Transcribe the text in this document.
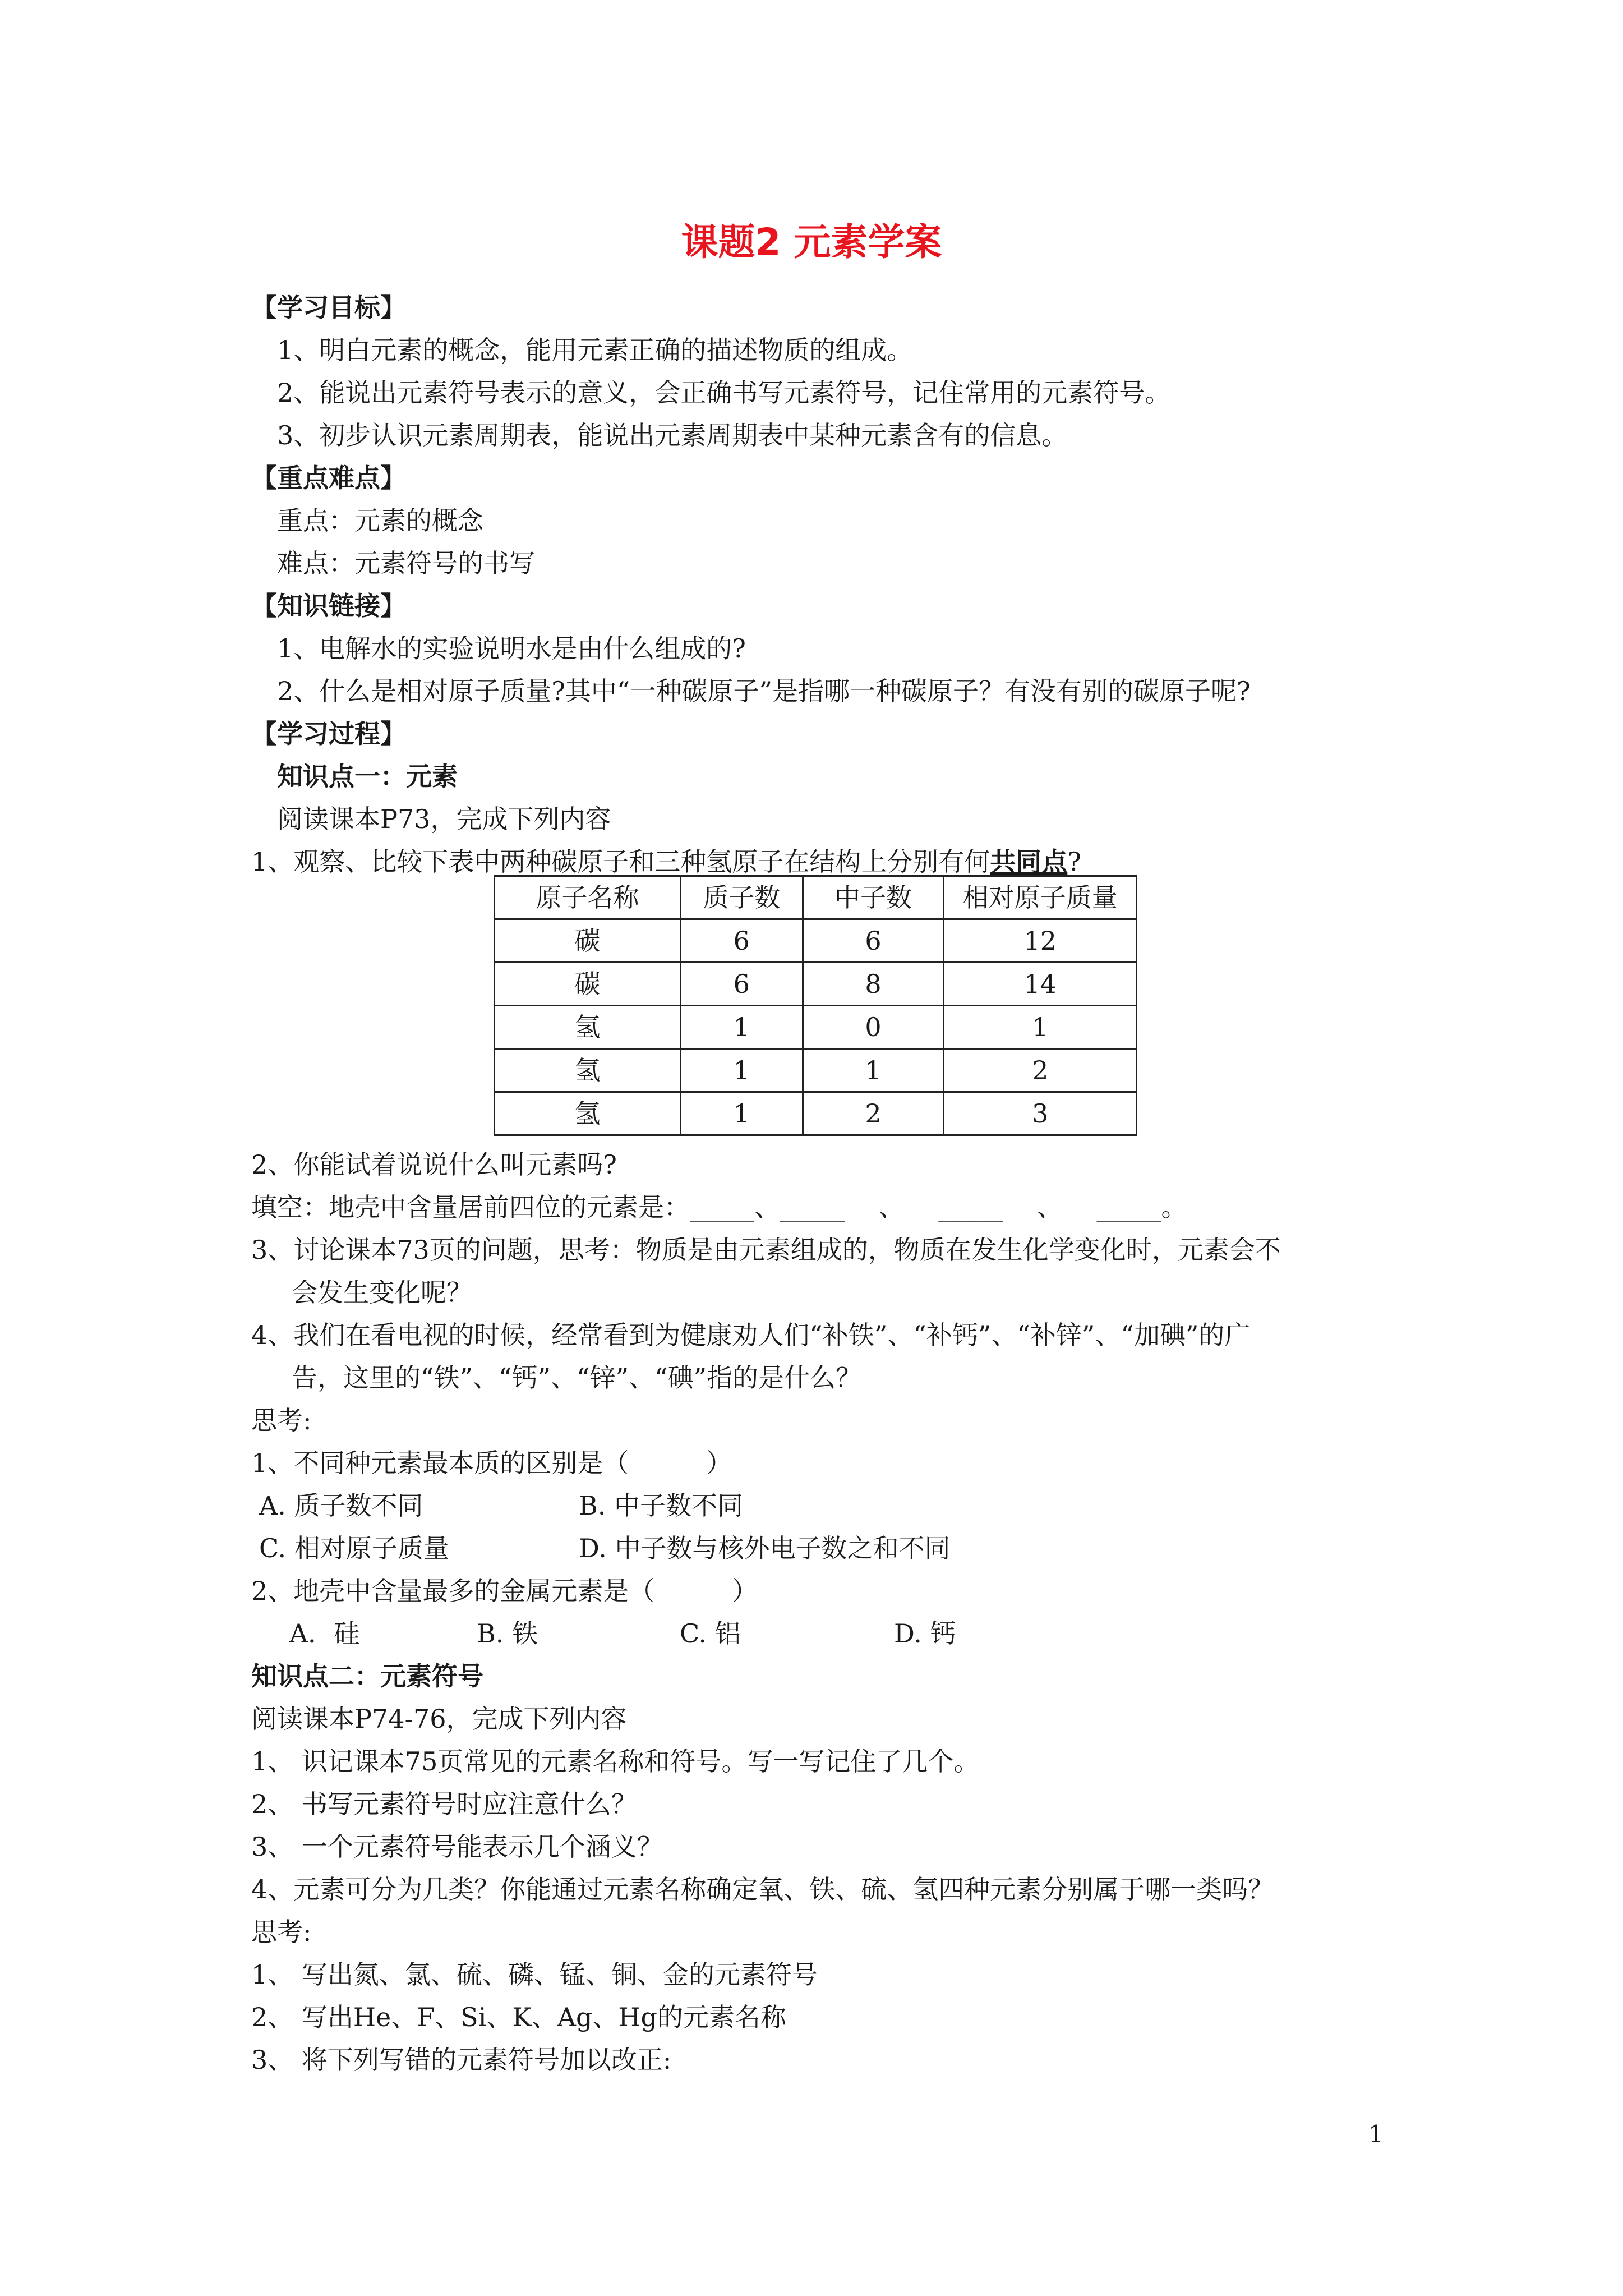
课题2 元素学案
【学习目标】
1、明白元素的概念，能用元素正确的描述物质的组成。
2、能说出元素符号表示的意义，会正确书写元素符号，记住常用的元素符号。
3、初步认识元素周期表，能说出元素周期表中某种元素含有的信息。
【重点难点】
重点：元素的概念
难点：元素符号的书写
【知识链接】
1、电解水的实验说明水是由什么组成的?
2、什么是相对原子质量?其中“一种碳原子”是指哪一种碳原子？有没有别的碳原子呢?
【学习过程】
知识点一：元素
阅读课本P73，完成下列内容
1、观察、比较下表中两种碳原子和三种氢原子在结构上分别有何共同点?
原子名称	质子数	中子数	相对原子质量
碳	6	6	12
碳	6	8	14
氢	1	0	1
氢	1	1	2
氢	1	2	3
2、你能试着说说什么叫元素吗?
填空：地壳中含量居前四位的元素是：_____、_____　 、 　_____　 、 　_____。
3、讨论课本73页的问题，思考：物质是由元素组成的，物质在发生化学变化时，元素会不
会发生变化呢？
4、我们在看电视的时候，经常看到为健康劝人们“补铁”、“补钙”、“补锌”、“加碘”的广
告，这里的“铁”、“钙”、“锌”、“碘”指的是什么？
思考:
1、不同种元素最本质的区别是（　　　）
A. 质子数不同	B. 中子数不同
C. 相对原子质量	D. 中子数与核外电子数之和不同
2、地壳中含量最多的金属元素是（　　　）
A．硅	B. 铁	C. 铝	D. 钙
知识点二：元素符号
阅读课本P74-76，完成下列内容
1、 识记课本75页常见的元素名称和符号。写一写记住了几个。
2、 书写元素符号时应注意什么？
3、 一个元素符号能表示几个涵义？
4、元素可分为几类？你能通过元素名称确定氧、铁、硫、氢四种元素分别属于哪一类吗？
思考:
1、 写出氮、氯、硫、磷、锰、铜、金的元素符号
2、 写出He、F、Si、K、Ag、Hg的元素名称
3、 将下列写错的元素符号加以改正:
1
